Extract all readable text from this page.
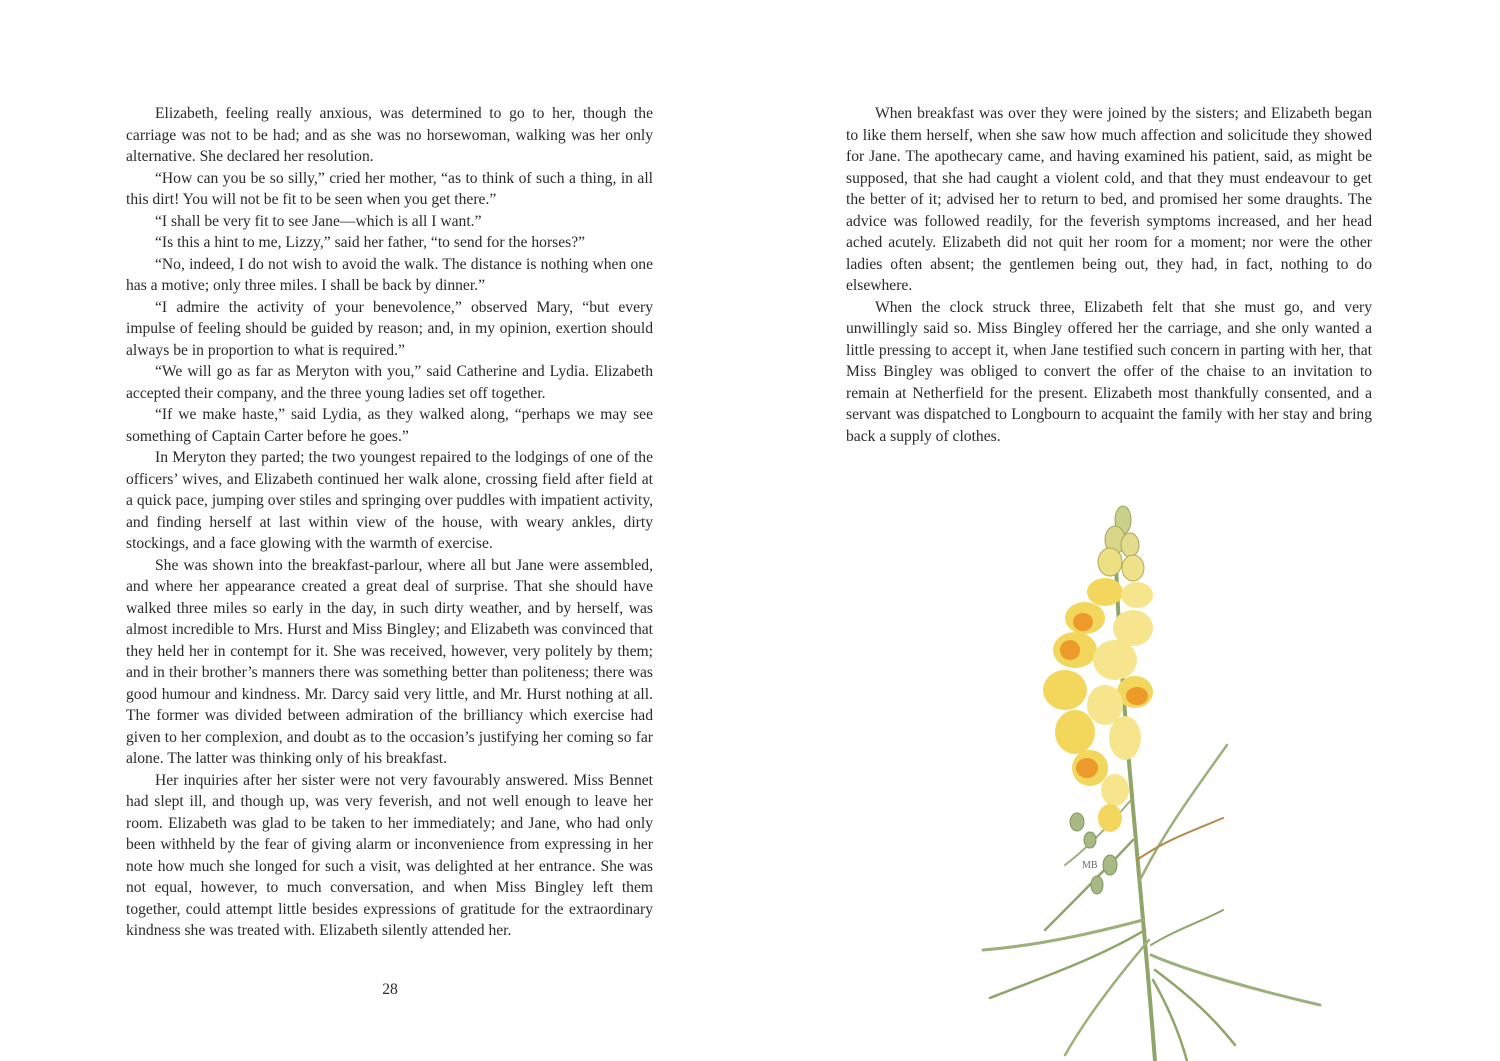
Elizabeth, feeling really anxious, was determined to go to her, though the carriage was not to be had; and as she was no horsewoman, walking was her only alternative. She declared her resolution.

“How can you be so silly,” cried her mother, “as to think of such a thing, in all this dirt! You will not be fit to be seen when you get there.”

“I shall be very fit to see Jane—which is all I want.”

“Is this a hint to me, Lizzy,” said her father, “to send for the horses?”

“No, indeed, I do not wish to avoid the walk. The distance is nothing when one has a motive; only three miles. I shall be back by dinner.”

“I admire the activity of your benevolence,” observed Mary, “but every impulse of feeling should be guided by reason; and, in my opinion, exertion should always be in proportion to what is required.”

“We will go as far as Meryton with you,” said Catherine and Lydia. Elizabeth accepted their company, and the three young ladies set off together.

“If we make haste,” said Lydia, as they walked along, “perhaps we may see something of Captain Carter before he goes.”

In Meryton they parted; the two youngest repaired to the lodgings of one of the officers’ wives, and Elizabeth continued her walk alone, crossing field after field at a quick pace, jumping over stiles and springing over puddles with impatient activity, and finding herself at last within view of the house, with weary ankles, dirty stockings, and a face glowing with the warmth of exercise.

She was shown into the breakfast-parlour, where all but Jane were assembled, and where her appearance created a great deal of surprise. That she should have walked three miles so early in the day, in such dirty weather, and by herself, was almost incredible to Mrs. Hurst and Miss Bingley; and Elizabeth was convinced that they held her in contempt for it. She was received, however, very politely by them; and in their brother’s manners there was something better than politeness; there was good humour and kindness. Mr. Darcy said very little, and Mr. Hurst nothing at all. The former was divided between admiration of the brilliancy which exercise had given to her complexion, and doubt as to the occasion’s justifying her coming so far alone. The latter was thinking only of his breakfast.

Her inquiries after her sister were not very favourably answered. Miss Bennet had slept ill, and though up, was very feverish, and not well enough to leave her room. Elizabeth was glad to be taken to her immediately; and Jane, who had only been withheld by the fear of giving alarm or inconvenience from expressing in her note how much she longed for such a visit, was delighted at her entrance. She was not equal, however, to much conversation, and when Miss Bingley left them together, could attempt little besides expressions of gratitude for the extraordinary kindness she was treated with. Elizabeth silently attended her.

28

When breakfast was over they were joined by the sisters; and Elizabeth began to like them herself, when she saw how much affection and solicitude they showed for Jane. The apothecary came, and having examined his patient, said, as might be supposed, that she had caught a violent cold, and that they must endeavour to get the better of it; advised her to return to bed, and promised her some draughts. The advice was followed readily, for the feverish symptoms increased, and her head ached acutely. Elizabeth did not quit her room for a moment; nor were the other ladies often absent; the gentlemen being out, they had, in fact, nothing to do elsewhere.

When the clock struck three, Elizabeth felt that she must go, and very unwillingly said so. Miss Bingley offered her the carriage, and she only wanted a little pressing to accept it, when Jane testified such concern in parting with her, that Miss Bingley was obliged to convert the offer of the chaise to an invitation to remain at Netherfield for the present. Elizabeth most thankfully consented, and a servant was dispatched to Longbourn to acquaint the family with her stay and bring back a supply of clothes.

MB
